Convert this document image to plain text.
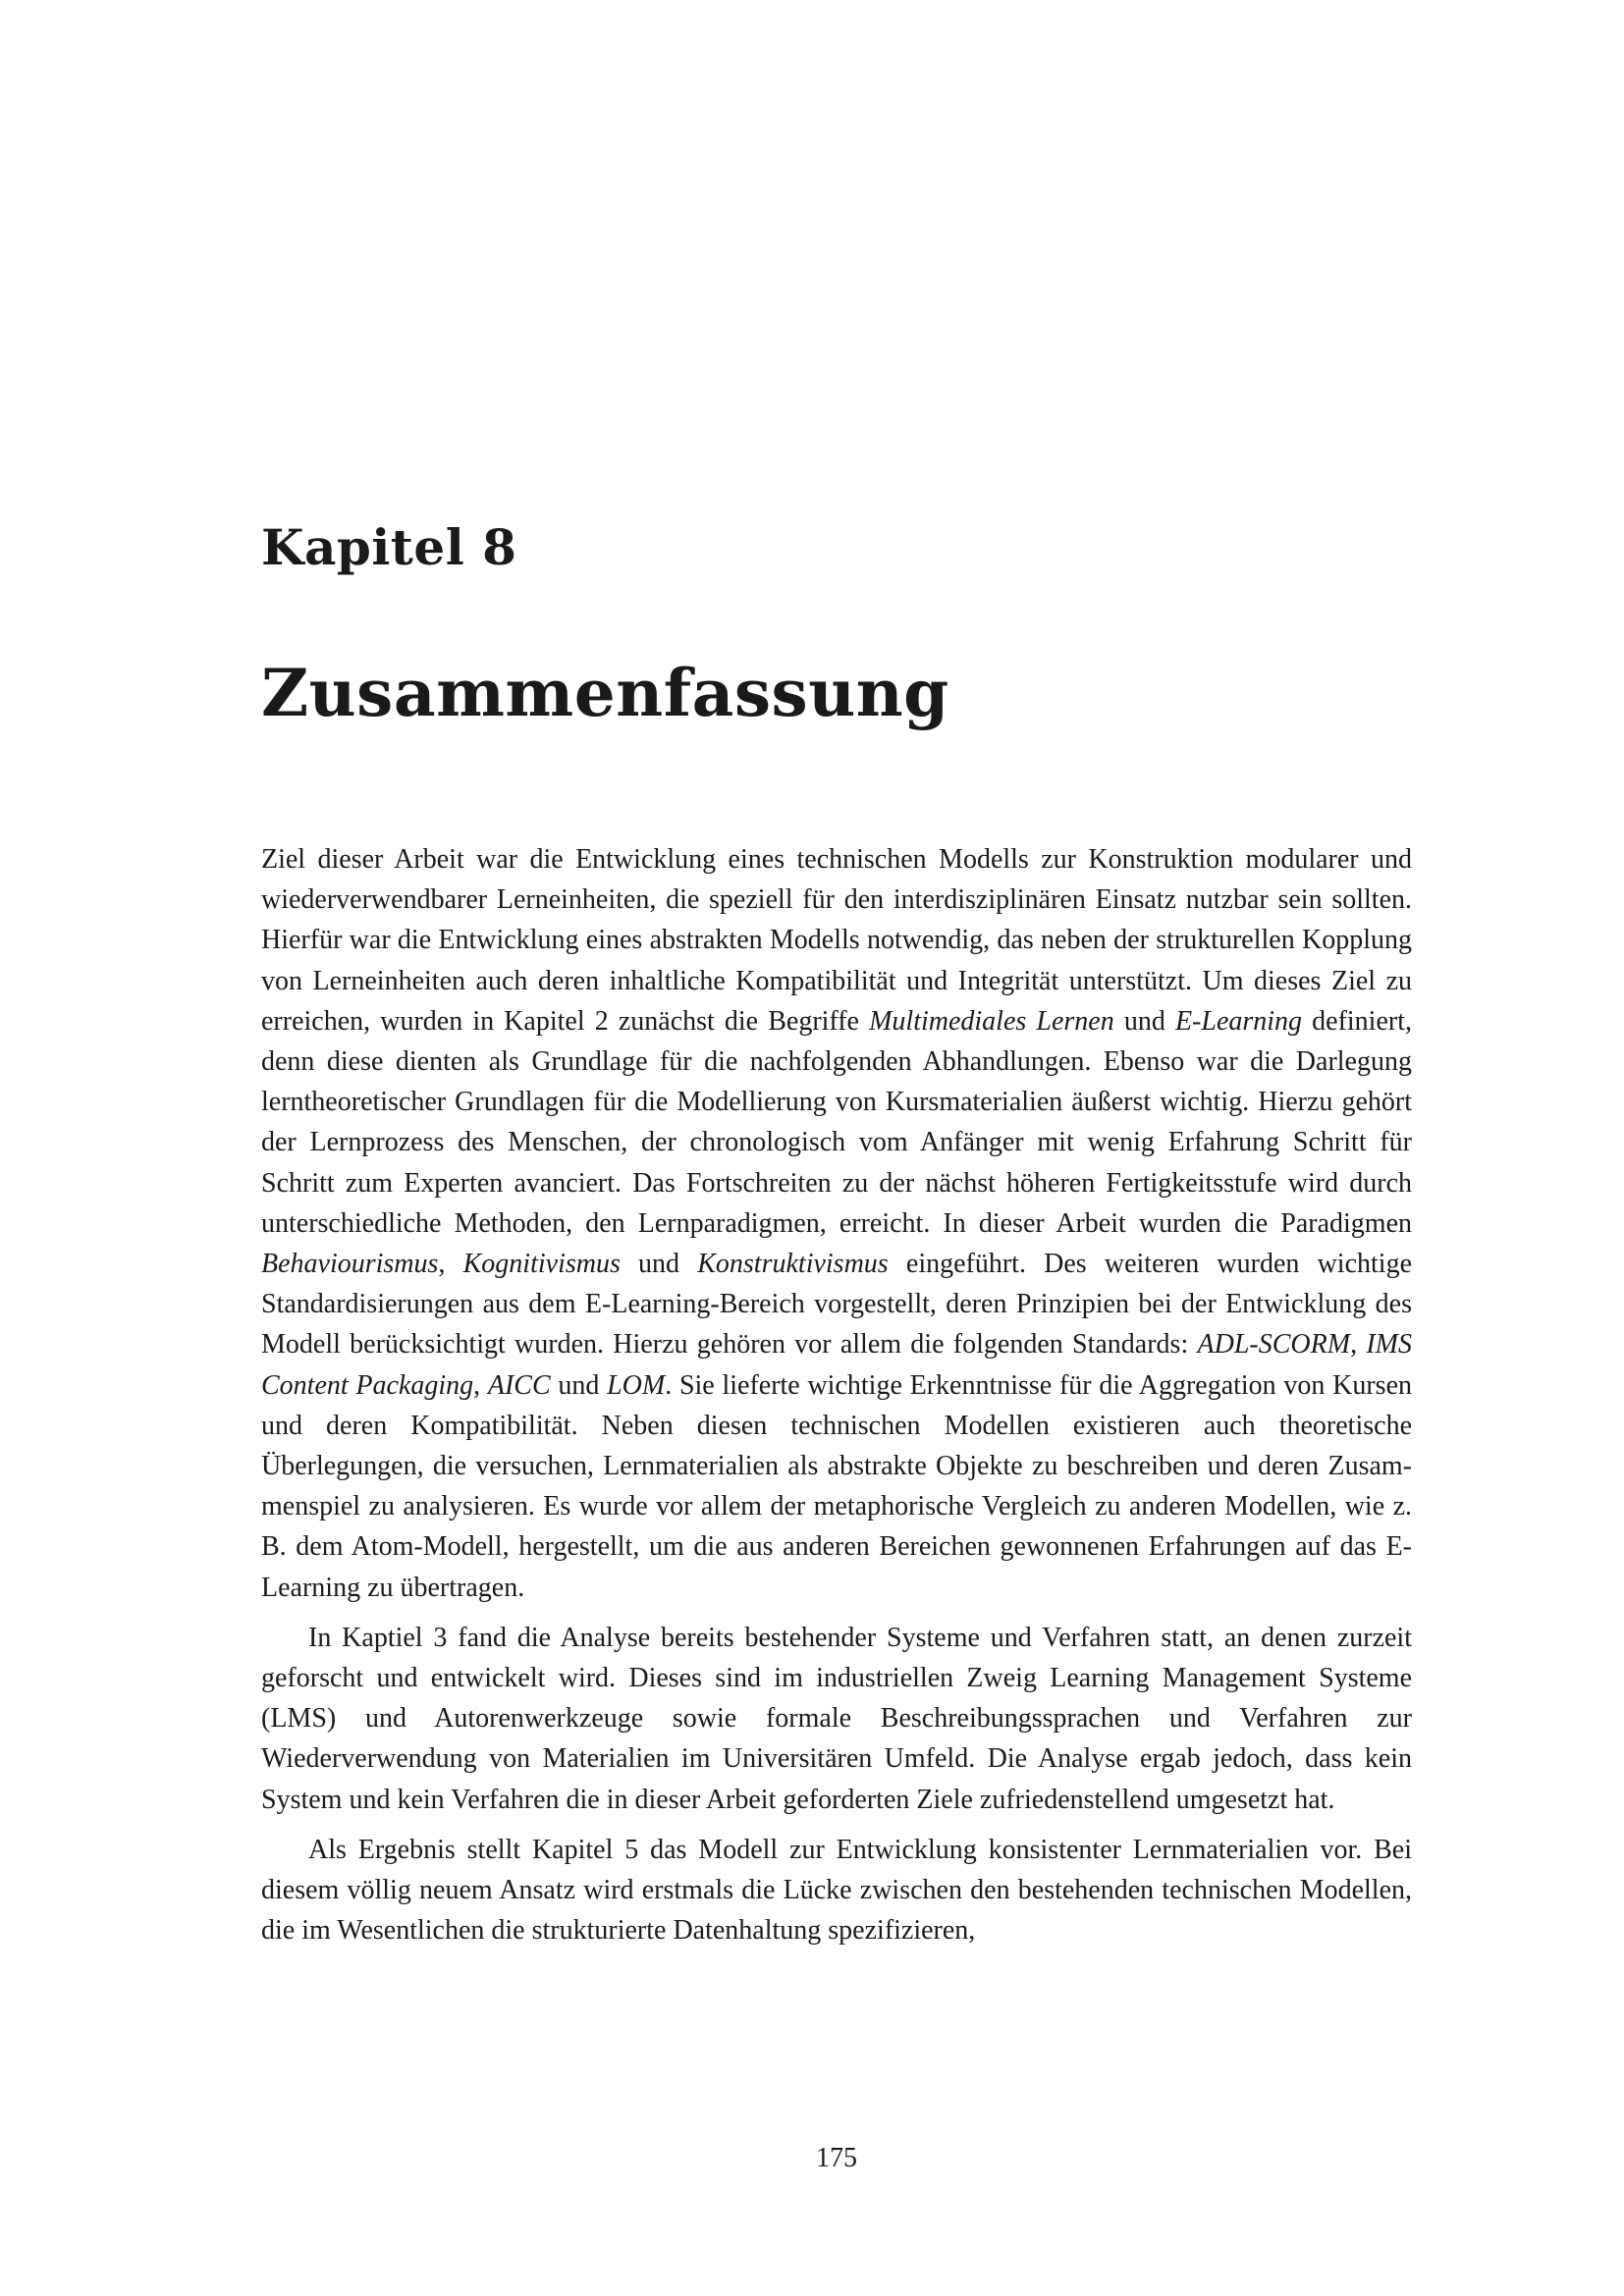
Kapitel 8
Zusammenfassung

Ziel dieser Arbeit war die Entwicklung eines technischen Modells zur Konstruktion modularer und wiederverwendbarer Lerneinheiten, die speziell für den interdisziplinären Einsatz nutzbar sein sollten. Hierfür war die Entwicklung eines abstrakten Modells notwendig, das neben der strukturellen Kopplung von Lerneinheiten auch deren inhaltliche Kompatibilität und Integrität unterstützt. Um dieses Ziel zu erreichen, wurden in Kapitel 2 zunächst die Begriffe Multimediales Lernen und E-Learning definiert, denn diese dienten als Grundlage für die nachfolgenden Abhandlungen. Ebenso war die Darlegung lerntheoretischer Grundlagen für die Modellierung von Kursmaterialien äußerst wichtig. Hierzu gehört der Lernprozess des Menschen, der chronologisch vom Anfänger mit wenig Erfahrung Schritt für Schritt zum Experten avanciert. Das Fortschreiten zu der nächst höheren Fertigkeitsstufe wird durch unterschiedliche Methoden, den Lernparadigmen, erreicht. In dieser Arbeit wurden die Paradigmen Behaviourismus, Kognitivismus und Konstruktivismus eingeführt. Des weiteren wurden wichtige Standardisierungen aus dem E-Learning-Bereich vorgestellt, deren Prinzipien bei der Entwicklung des Modell berücksichtigt wurden. Hierzu gehören vor allem die folgenden Standards: ADL-SCORM, IMS Content Packaging, AICC und LOM. Sie lieferte wichtige Erkenntnisse für die Aggregation von Kursen und deren Kompatibilität. Neben diesen technischen Modellen existieren auch theoretische Überlegungen, die versuchen, Lernmaterialien als abstrakte Objekte zu beschreiben und deren Zusammenspiel zu analysieren. Es wurde vor allem der metaphorische Vergleich zu anderen Modellen, wie z. B. dem Atom-Modell, hergestellt, um die aus anderen Bereichen gewonnenen Erfahrungen auf das E-Learning zu übertragen.

In Kaptiel 3 fand die Analyse bereits bestehender Systeme und Verfahren statt, an denen zurzeit geforscht und entwickelt wird. Dieses sind im industriellen Zweig Learning Management Systeme (LMS) und Autorenwerkzeuge sowie formale Beschreibungssprachen und Verfahren zur Wiederverwendung von Materialien im Universitären Umfeld. Die Analyse ergab jedoch, dass kein System und kein Verfahren die in dieser Arbeit geforderten Ziele zufriedenstellend umgesetzt hat.

Als Ergebnis stellt Kapitel 5 das Modell zur Entwicklung konsistenter Lernmaterialien vor. Bei diesem völlig neuem Ansatz wird erstmals die Lücke zwischen den bestehenden technischen Modellen, die im Wesentlichen die strukturierte Datenhaltung spezifizieren,

175
